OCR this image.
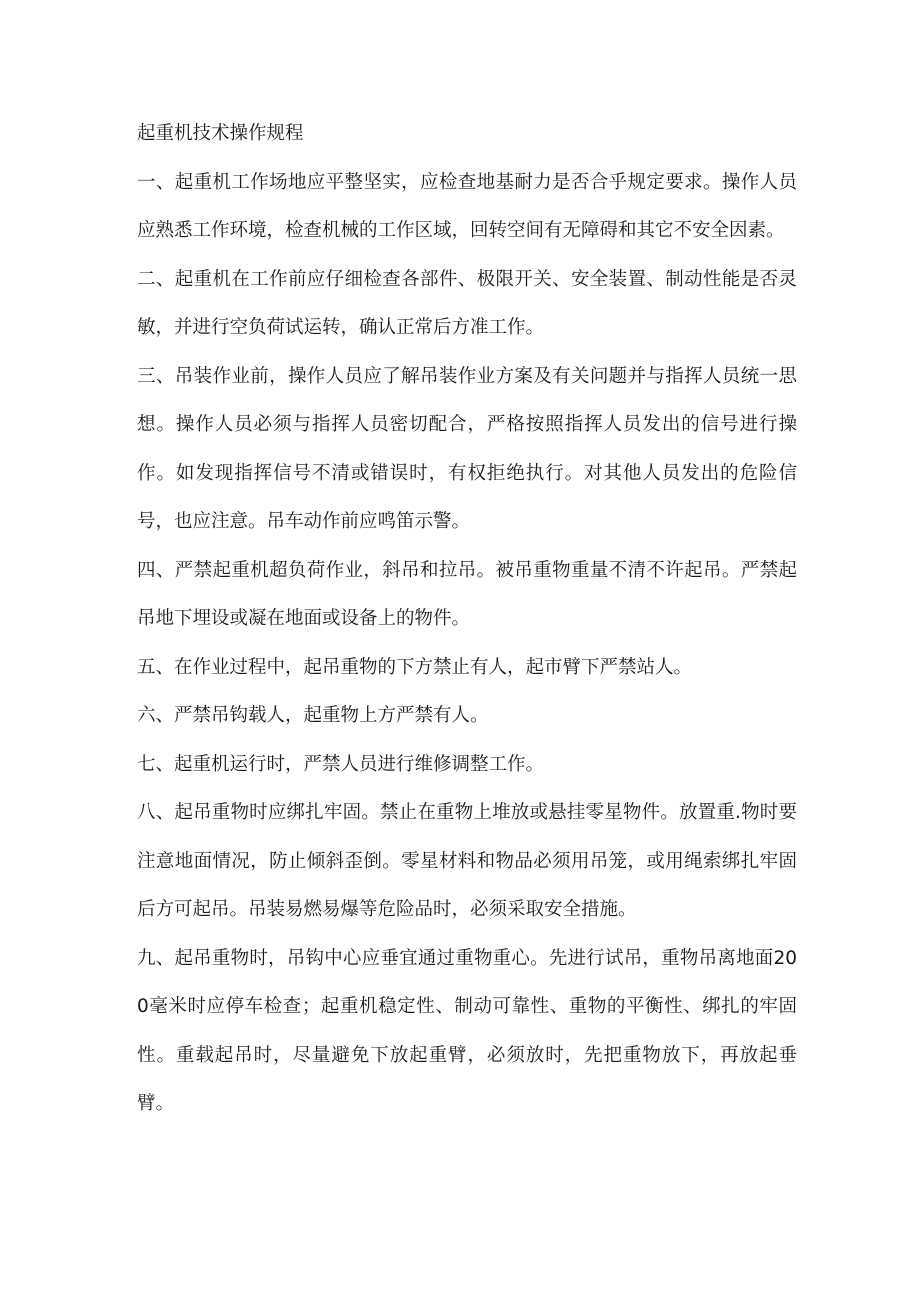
起重机技术操作规程

一、起重机工作场地应平整坚实，应检查地基耐力是否合乎规定要求。操作人员应熟悉工作环境，检查机械的工作区域，回转空间有无障碍和其它不安全因素。

二、起重机在工作前应仔细检查各部件、极限开关、安全装置、制动性能是否灵敏，并进行空负荷试运转，确认正常后方准工作。

三、吊装作业前，操作人员应了解吊装作业方案及有关问题并与指挥人员统一思想。操作人员必须与指挥人员密切配合，严格按照指挥人员发出的信号进行操作。如发现指挥信号不清或错误时，有权拒绝执行。对其他人员发出的危险信号，也应注意。吊车动作前应鸣笛示警。

四、严禁起重机超负荷作业，斜吊和拉吊。被吊重物重量不清不许起吊。严禁起吊地下埋设或凝在地面或设备上的物件。

五、在作业过程中，起吊重物的下方禁止有人，起市臂下严禁站人。

六、严禁吊钩载人，起重物上方严禁有人。

七、起重机运行时，严禁人员进行维修调整工作。

八、起吊重物时应绑扎牢固。禁止在重物上堆放或悬挂零星物件。放置重.物时要注意地面情况，防止倾斜歪倒。零星材料和物品必须用吊笼，或用绳索绑扎牢固后方可起吊。吊装易燃易爆等危险品时，必须采取安全措施。

九、起吊重物时，吊钩中心应垂宜通过重物重心。先进行试吊，重物吊离地面200毫米时应停车检查；起重机稳定性、制动可靠性、重物的平衡性、绑扎的牢固性。重载起吊时，尽量避免下放起重臂，必须放时，先把重物放下，再放起垂臂。
